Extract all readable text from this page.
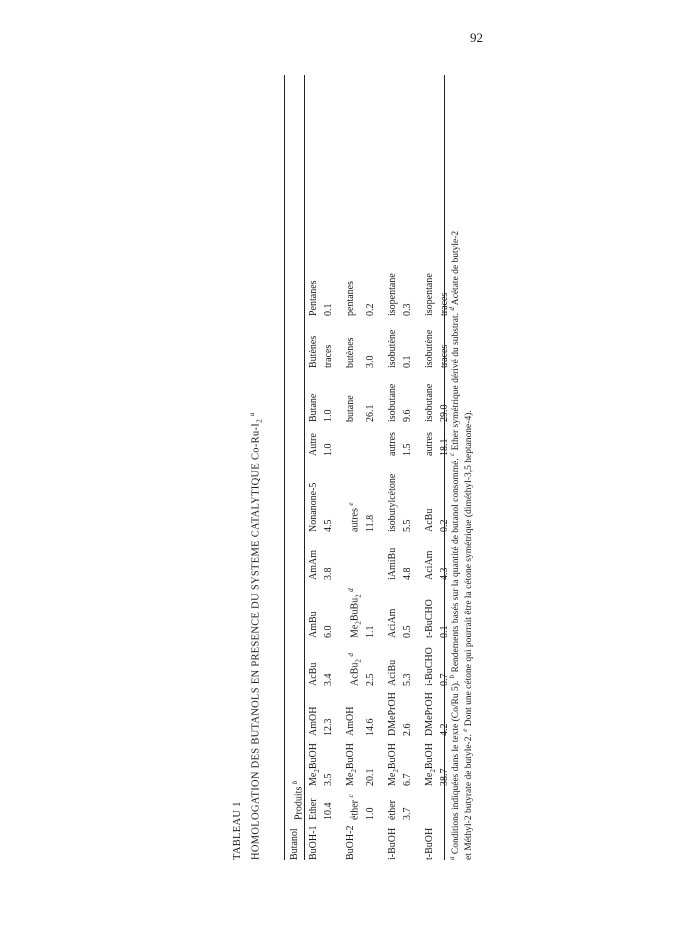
92
TABLEAU 1 HOMOLOGATION DES BUTANOLS EN PRESENCE DU SYSTEME CATALYTIQUE $Co-Ru-I_2$ $^a$
Butanol	Produits $^b$
BuOH-1	Ether	$Me_2BuOH$	AmOH	AcBu	AmBu	AmAm	Nonanone-5	Autre	Butane	Butènes	Pentanes
	10.4	3.5	12.3	3.4	6.0	3.8	4.5	1.0	1.0	traces	0.1

BuOH-2	éther $^c$	$Me_2BuOH$	AmOH	AcBu$_2$ $^d$	$Me_2BuBu_2$ $^d$		autres $^e$		butane	butènes	pentanes
	1.0	20.1	14.6	2.5	1.1		11.8		26.1	3.0	0.2

i-BuOH	éther	$Me_2BuOH$	DMePrOH	AciBu	AciAm	iAmiBu	isobutylcétone	autres	isobutane	isobutène	isopentane
	3.7	6.7	2.6	5.3	0.5	4.8	5.5	1.5	9.6	0.1	0.3

t-BuOH		$Me_2BuOH$	DMePrOH	i-BuCHO	t-BuCHO	AciAm	AcBu	autres	isobutane	isobutène	isopentane
		38.7	4.2	0.7	0.1	4.3	0.2	18.1	29.0	traces	traces
$^a$ Conditions indiquées dans le texte (Co/Ru 5). $^b$ Rendements basés sur la quantité de butanol consommé. $^c$ Ether symétrique dérivé du substrat. $^d$ Acétate de butyle-2
et Méthyl-2 butyrate de butyle-2. $^e$ Dont une cétone qui pourrait être la cétone symétrique (diméthyl-3,5 heptanone-4).
